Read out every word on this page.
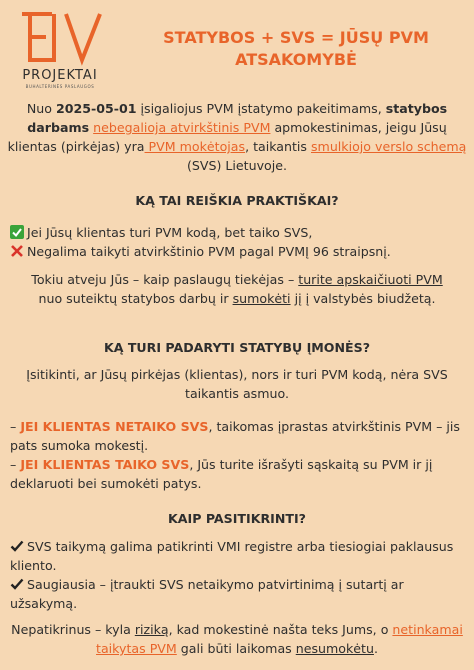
PROJEKTAI
BUHALTERINĖS PASLAUGOS
STATYBOS + SVS = JŪSŲ PVM
ATSAKOMYBĖ
Nuo 2025-05-01 įsigaliojus PVM įstatymo pakeitimams, statybos
darbams nebegalioja atvirkštinis PVM apmokestinimas, jeigu Jūsų
klientas (pirkėjas) yra PVM mokėtojas, taikantis smulkiojo verslo schemą
(SVS) Lietuvoje.
KĄ TAI REIŠKIA PRAKTIŠKAI?
Jei Jūsų klientas turi PVM kodą, bet taiko SVS,
Negalima taikyti atvirkštinio PVM pagal PVMĮ 96 straipsnį.
Tokiu atveju Jūs – kaip paslaugų tiekėjas – turite apskaičiuoti PVM
nuo suteiktų statybos darbų ir sumokėti jį į valstybės biudžetą.
KĄ TURI PADARYTI STATYBŲ ĮMONĖS?
Įsitikinti, ar Jūsų pirkėjas (klientas), nors ir turi PVM kodą, nėra SVS
taikantis asmuo.
– JEI KLIENTAS NETAIKO SVS, taikomas įprastas atvirkštinis PVM – jis
pats sumoka mokestį.
– JEI KLIENTAS TAIKO SVS, Jūs turite išrašyti sąskaitą su PVM ir jį
deklaruoti bei sumokėti patys.
KAIP PASITIKRINTI?
SVS taikymą galima patikrinti VMI registre arba tiesiogiai paklausus
kliento.
Saugiausia – įtraukti SVS netaikymo patvirtinimą į sutartį ar
užsakymą.
Nepatikrinus – kyla riziką, kad mokestinė našta teks Jums, o netinkamai
taikytas PVM gali būti laikomas nesumokėtu.
